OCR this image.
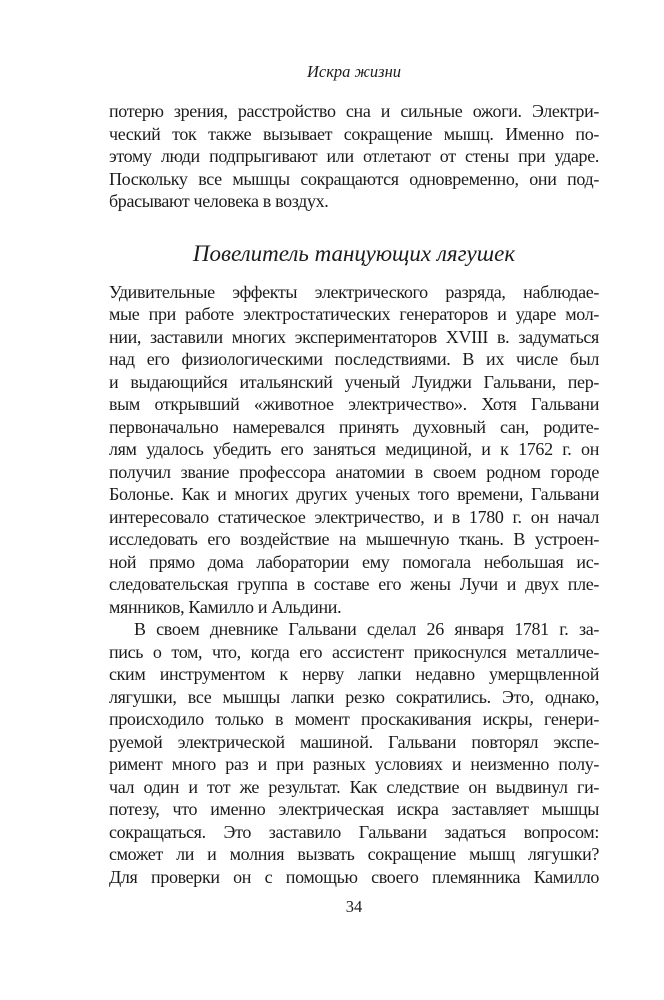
Искра жизни
потерю зрения, расстройство сна и сильные ожоги. Электри-
ческий ток также вызывает сокращение мышц. Именно по-
этому люди подпрыгивают или отлетают от стены при ударе.
Поскольку все мышцы сокращаются одновременно, они под-
брасывают человека в воздух.
Повелитель танцующих лягушек
Удивительные эффекты электрического разряда, наблюдае-
мые при работе электростатических генераторов и ударе мол-
нии, заставили многих экспериментаторов XVIII в. задуматься
над его физиологическими последствиями. В их числе был
и выдающийся итальянский ученый Луиджи Гальвани, пер-
вым открывший «животное электричество». Хотя Гальвани
первоначально намеревался принять духовный сан, родите-
лям удалось убедить его заняться медициной, и к 1762 г. он
получил звание профессора анатомии в своем родном городе
Болонье. Как и многих других ученых того времени, Гальвани
интересовало статическое электричество, и в 1780 г. он начал
исследовать его воздействие на мышечную ткань. В устроен-
ной прямо дома лаборатории ему помогала небольшая ис-
следовательская группа в составе его жены Лучи и двух пле-
мянников, Камилло и Альдини.
В своем дневнике Гальвани сделал 26 января 1781 г. за-
пись о том, что, когда его ассистент прикоснулся металличе-
ским инструментом к нерву лапки недавно умерщвленной
лягушки, все мышцы лапки резко сократились. Это, однако,
происходило только в момент проскакивания искры, генери-
руемой электрической машиной. Гальвани повторял экспе-
римент много раз и при разных условиях и неизменно полу-
чал один и тот же результат. Как следствие он выдвинул ги-
потезу, что именно электрическая искра заставляет мышцы
сокращаться. Это заставило Гальвани задаться вопросом:
сможет ли и молния вызвать сокращение мышц лягушки?
Для проверки он с помощью своего племянника Камилло
34
